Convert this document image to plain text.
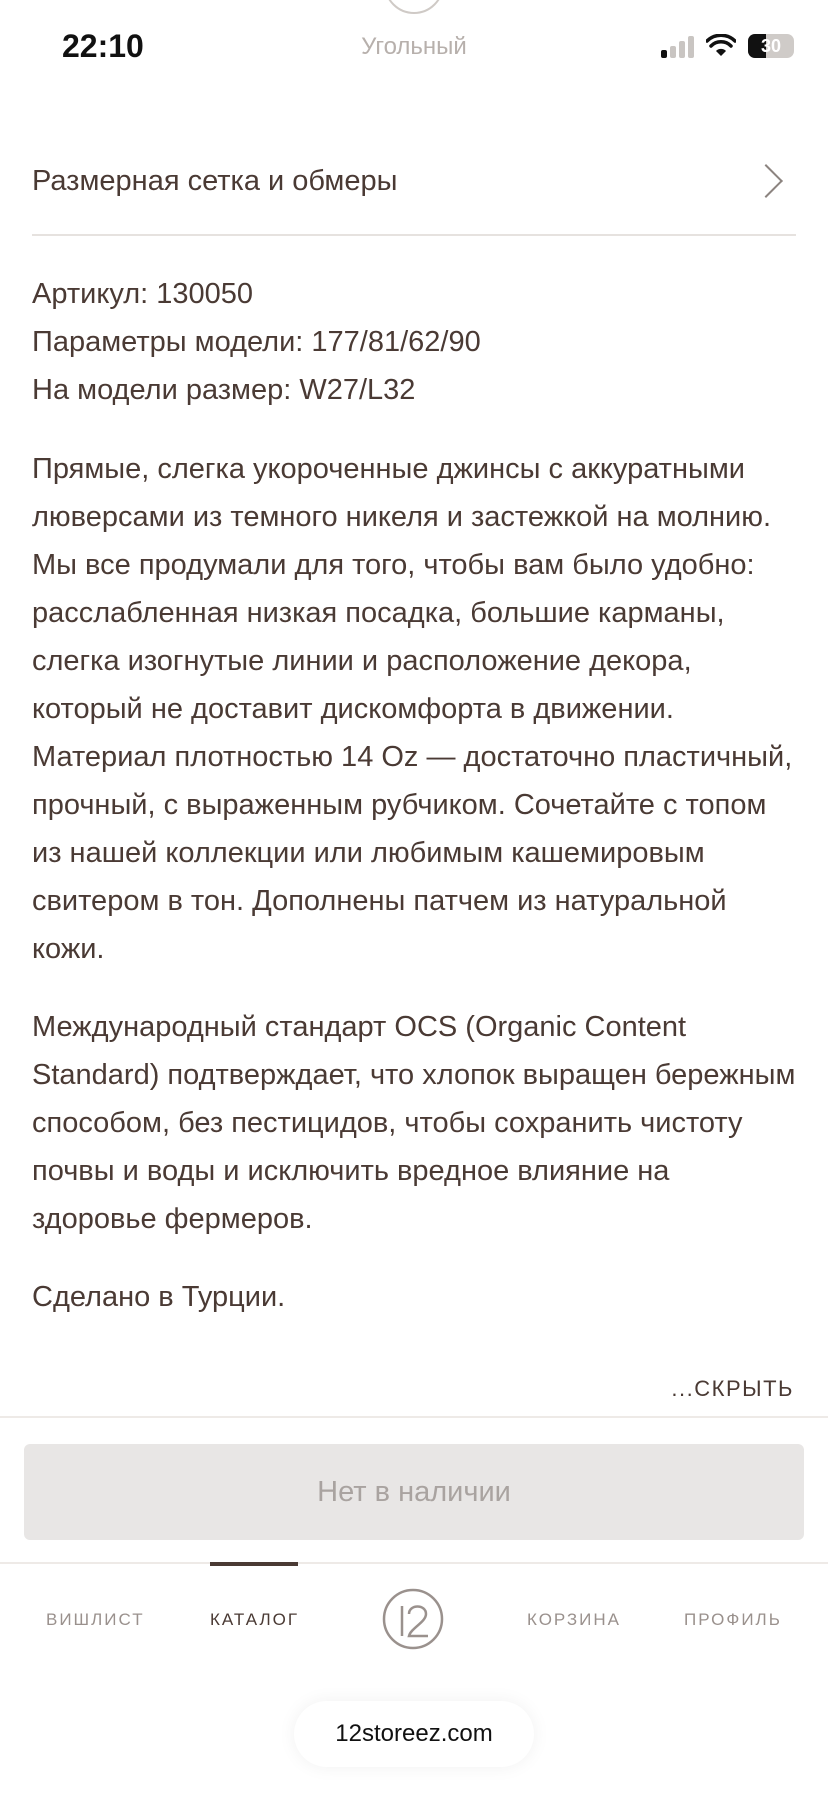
22:10	Угольный	30
Размерная сетка и обмеры
Артикул: 130050
Параметры модели: 177/81/62/90
На модели размер: W27/L32

Прямые, слегка укороченные джинсы с аккуратными люверсами из темного никеля и застежкой на молнию. Мы все продумали для того, чтобы вам было удобно: расслабленная низкая посадка, большие карманы, слегка изогнутые линии и расположение декора, который не доставит дискомфорта в движении. Материал плотностью 14 Oz — достаточно пластичный, прочный, с выраженным рубчиком. Сочетайте с топом из нашей коллекции или любимым кашемировым свитером в тон. Дополнены патчем из натуральной кожи.

Международный стандарт OCS (Organic Content Standard) подтверждает, что хлопок выращен бережным способом, без пестицидов, чтобы сохранить чистоту почвы и воды и исключить вредное влияние на здоровье фермеров.

Сделано в Турции.

...СКРЫТЬ
Нет в наличии
ВИШЛИСТ	КАТАЛОГ	КОРЗИНА	ПРОФИЛЬ
12storeez.com
